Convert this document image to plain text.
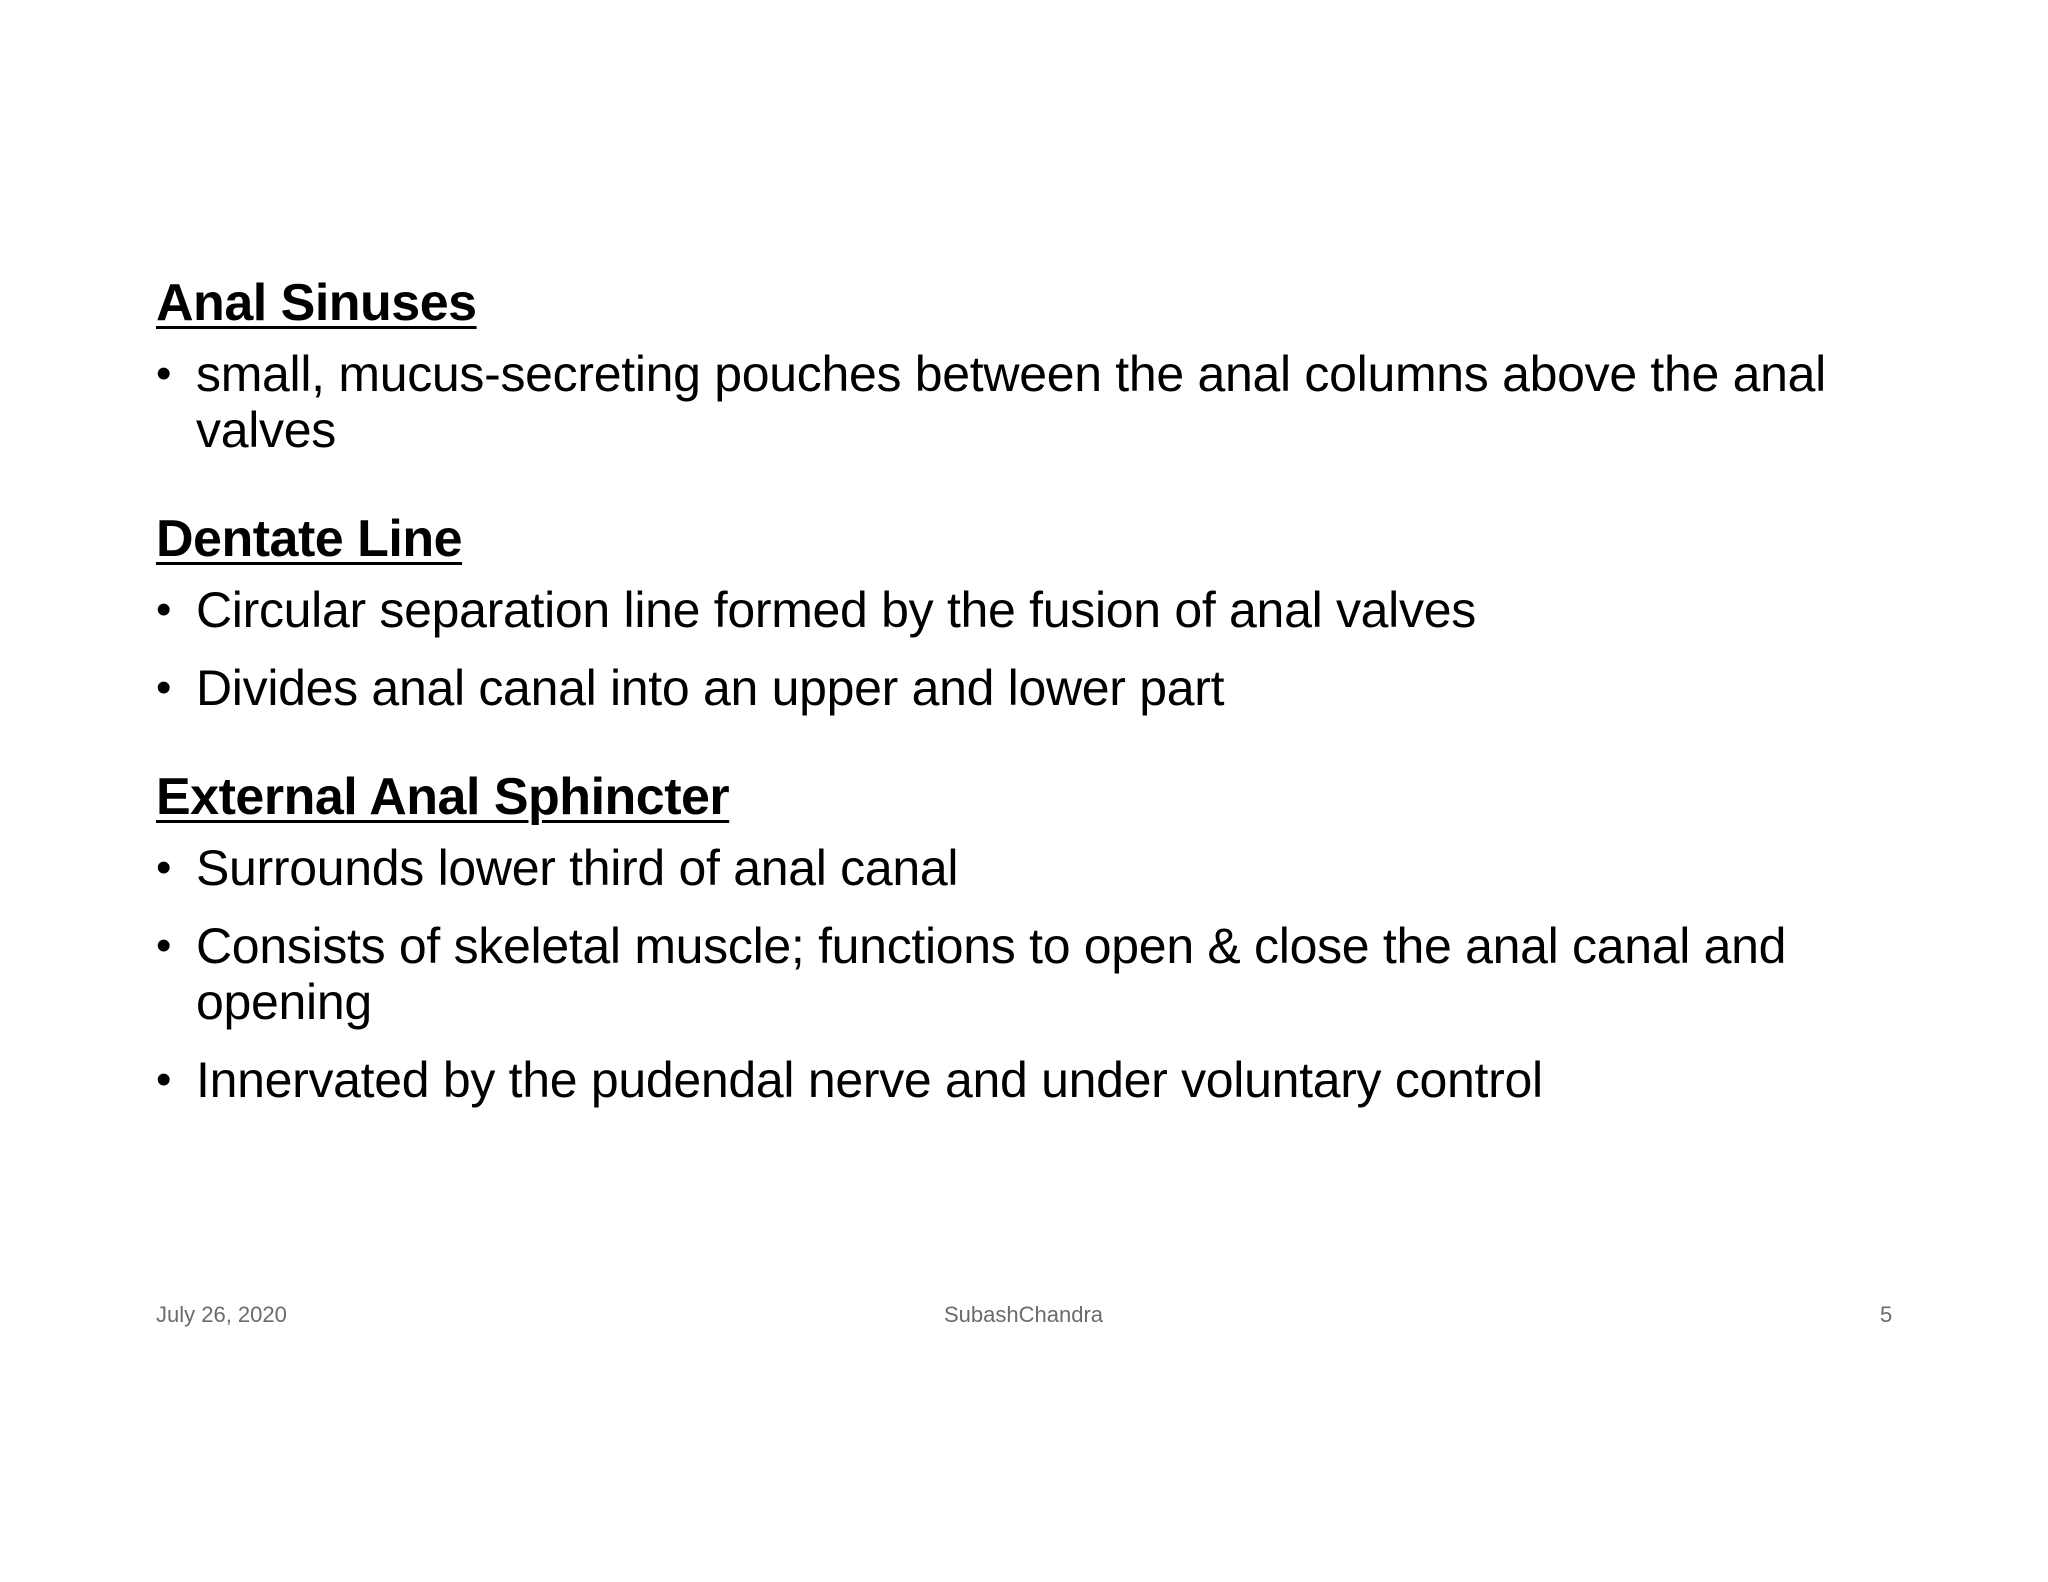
Anal Sinuses
• small, mucus-secreting pouches between the anal columns above the anal valves
Dentate Line
• Circular separation line formed by the fusion of anal valves
• Divides anal canal into an upper and lower part
External Anal Sphincter
• Surrounds lower third of anal canal
• Consists of skeletal muscle; functions to open & close the anal canal and opening
• Innervated by the pudendal nerve and under voluntary control
July 26, 2020	SubashChandra	5
